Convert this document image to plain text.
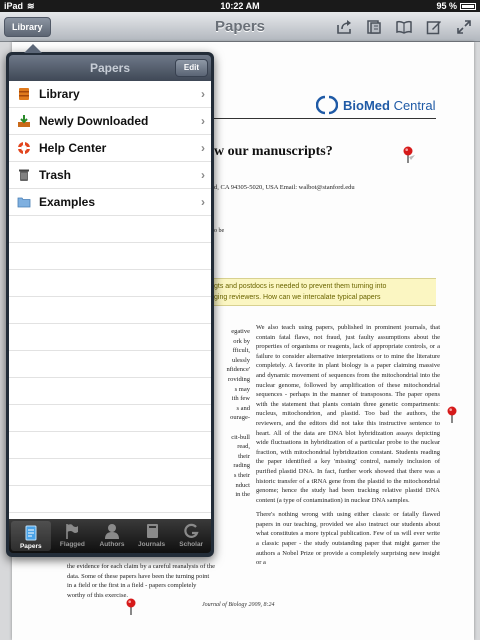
iPad ≋	10:22 AM	95 %
Papers
Library
BioMed Central
w our manuscripts?
d, CA 94305-5020, USA Email: walbot@stanford.edu
o be
gts and postdocs is needed to prevent them turning into
ging reviewers. How can we intercalate typical papers
egative
ork by
fficult,
ulessly
nfidence'
roviding
s may
ith few
s and
ourage-

cit-bull
read,
their
rading
s their
nduct
in the

We also teach using papers, published in prominent journals, that contain fatal flaws, not fraud, just faulty assumptions about the properties of organisms or reagents, lack of appropriate controls, or a failure to consider alternative interpretations or to mine the literature completely. A favorite in plant biology is a paper claiming massive and dynamic movement of sequences from the mitochondrial into the nuclear genome, followed by amplification of these mitochondrial sequences - perhaps in the manner of transposons. The paper opens with the statement that plants contain three genetic compartments: nucleus, mitochondrion, and plastid. Too bad the authors, the reviewers, and the editors did not take this instructive sentence to heart. All of the data are DNA blot hybridization assays depicting wide fluctuations in hybridization of a particular probe to the nuclear fraction, with mitochondrial hybridization constant. Students reading the paper identified a key 'missing' control, namely inclusion of purified plastid DNA. In fact, further work showed that there was a historic transfer of a tRNA gene from the plastid to the mitochondrial genome; hence the study had been tracking relative plastid DNA content (a type of contamination) in nuclear DNA samples.

There's nothing wrong with using either classic or fatally flawed papers in our teaching, provided we also instruct our students about what constitutes a more typical publication. Few of us will ever write a classic paper - the study outstanding paper that might garner the authors a Nobel Prize or provide a completely surprising new insight or a

the evidence for each claim by a careful reanalysis of the data. Some of these papers have been the turning point in a field or the first in a field - papers completely worthy of this exercise.
Journal of Biology 2009, 8:24
Papers	Edit
Library	›
Newly Downloaded	›
Help Center	›
Trash	›
Examples	›
Papers	Flagged	Authors	Journals	Scholar
